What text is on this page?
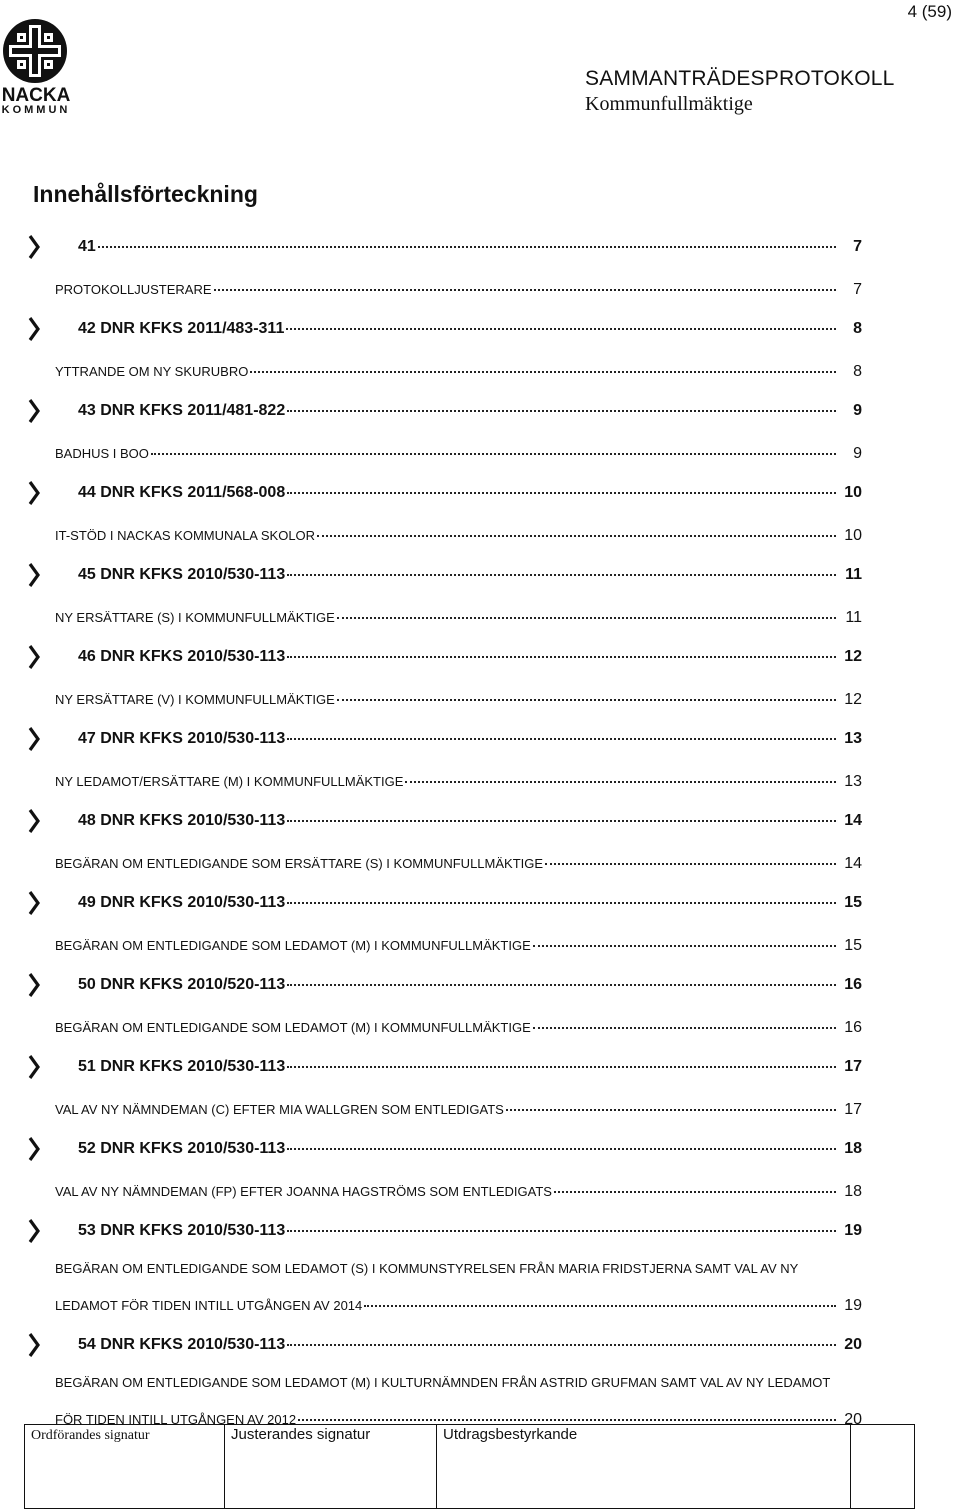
4 (59)
NACKA
KOMMUN
SAMMANTRÄDESPROTOKOLL
Kommunfullmäktige
Innehållsförteckning
41	7
PROTOKOLLJUSTERARE	7
42 DNR KFKS 2011/483-311	8
YTTRANDE OM NY SKURUBRO	8
43 DNR KFKS 2011/481-822	9
BADHUS I BOO	9
44 DNR KFKS 2011/568-008	10
IT-STÖD I NACKAS KOMMUNALA SKOLOR	10
45 DNR KFKS 2010/530-113	11
NY ERSÄTTARE (S) I KOMMUNFULLMÄKTIGE	11
46 DNR KFKS 2010/530-113	12
NY ERSÄTTARE (V) I KOMMUNFULLMÄKTIGE	12
47 DNR KFKS 2010/530-113	13
NY LEDAMOT/ERSÄTTARE (M) I KOMMUNFULLMÄKTIGE	13
48 DNR KFKS 2010/530-113	14
BEGÄRAN OM ENTLEDIGANDE SOM ERSÄTTARE (S) I KOMMUNFULLMÄKTIGE	14
49 DNR KFKS 2010/530-113	15
BEGÄRAN OM ENTLEDIGANDE SOM LEDAMOT (M) I KOMMUNFULLMÄKTIGE	15
50 DNR KFKS 2010/520-113	16
BEGÄRAN OM ENTLEDIGANDE SOM LEDAMOT (M) I KOMMUNFULLMÄKTIGE	16
51 DNR KFKS 2010/530-113	17
VAL AV NY NÄMNDEMAN (C) EFTER MIA WALLGREN SOM ENTLEDIGATS	17
52 DNR KFKS 2010/530-113	18
VAL AV NY NÄMNDEMAN (FP) EFTER JOANNA HAGSTRÖMS SOM ENTLEDIGATS	18
53 DNR KFKS 2010/530-113	19
BEGÄRAN OM ENTLEDIGANDE SOM LEDAMOT (S) I KOMMUNSTYRELSEN FRÅN MARIA FRIDSTJERNA SAMT VAL AV NY
LEDAMOT FÖR TIDEN INTILL UTGÅNGEN AV 2014	19
54 DNR KFKS 2010/530-113	20
BEGÄRAN OM ENTLEDIGANDE SOM LEDAMOT (M) I KULTURNÄMNDEN FRÅN ASTRID GRUFMAN SAMT VAL AV NY LEDAMOT
FÖR TIDEN INTILL UTGÅNGEN AV 2012	20
Ordförandes signatur	Justerandes signatur	Utdragsbestyrkande	
